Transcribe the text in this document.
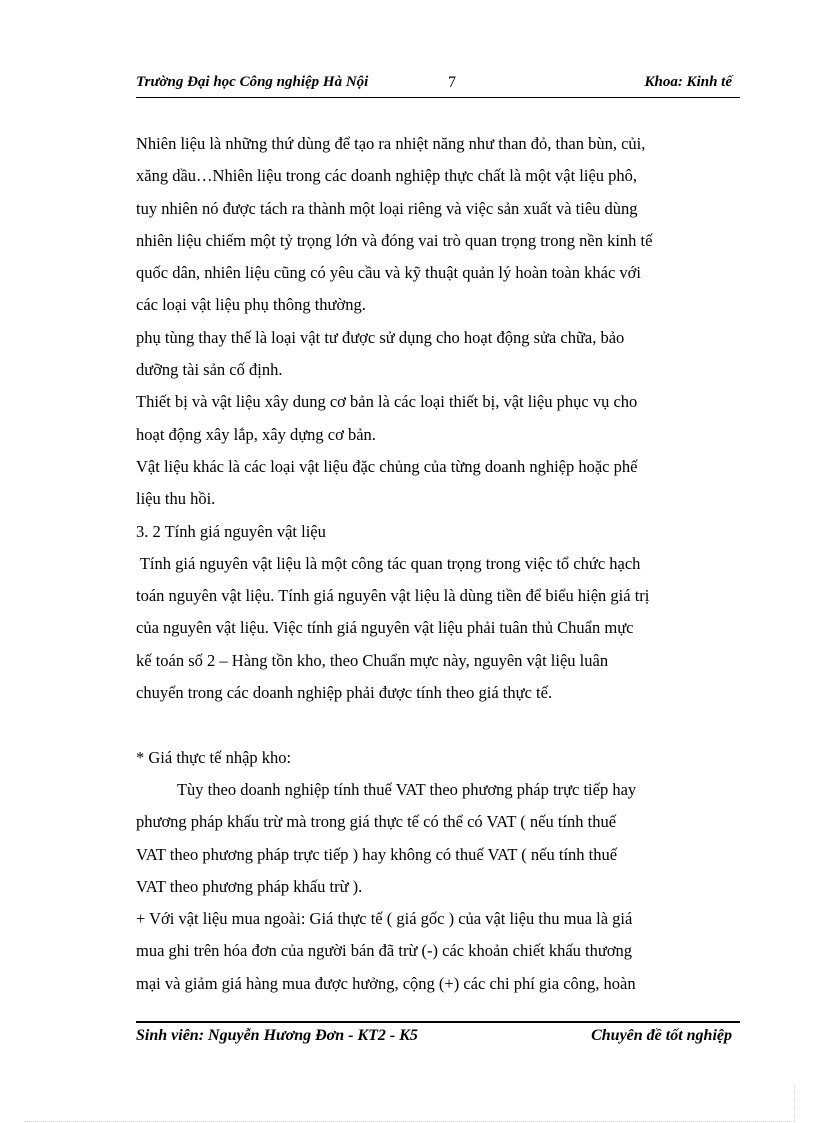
Trường Đại học Công nghiệp Hà Nội	7	Khoa: Kinh tế

Nhiên liệu là những thứ dùng để tạo ra nhiệt năng như than đỏ, than bùn, củi,

xăng dầu…Nhiên liệu trong các doanh nghiệp thực chất là một vật liệu phô,

tuy nhiên nó được tách ra thành một loại riêng và việc sản xuất và tiêu dùng

nhiên liệu chiếm một tỷ trọng lớn và đóng vai trò quan trọng trong nền kinh tế

quốc dân, nhiên liệu cũng có yêu cầu và kỹ thuật quản lý hoàn toàn khác với

các loại vật liệu phụ thông thường.

phụ tùng thay thế là loại vật tư được sử dụng cho hoạt động sửa chữa, bảo

dưỡng tài sản cố định.

Thiết bị và vật liệu xây dung cơ bản là các loại thiết bị, vật liệu phục vụ cho

hoạt động xây lắp, xây dựng cơ bản.

Vật liệu khác là các loại vật liệu đặc chủng của từng doanh nghiệp hoặc phế

liệu thu hồi.

3. 2 Tính giá nguyên vật liệu

Tính giá nguyên vật liệu là một công tác quan trọng trong việc tổ chức hạch

toán nguyên vật liệu. Tính giá nguyên vật liệu là dùng tiền để biểu hiện giá trị

của nguyên vật liệu. Việc tính giá nguyên vật liệu phải tuân thủ Chuẩn mực

kế toán số 2 – Hàng tồn kho, theo Chuẩn mực này, nguyên vật liệu luân

chuyển trong các doanh nghiệp phải được tính theo giá thực tế.

* Giá thực tế nhập kho:

Tùy theo doanh nghiệp tính thuế VAT theo phương pháp trực tiếp hay

phương pháp khấu trừ mà trong giá thực tế có thể có VAT ( nếu tính thuế

VAT theo phương pháp trực tiếp ) hay không có thuế VAT ( nếu tính thuế

VAT theo phương pháp khấu trừ ).

+ Với vật liệu mua ngoài: Giá thực tế ( giá gốc ) của vật liệu thu mua là giá

mua ghi trên hóa đơn của người bán đã trừ (-) các khoản chiết khấu thương

mại và giảm giá hàng mua được hưởng, cộng (+) các chi phí gia công, hoàn

Sinh viên: Nguyễn Hương Đơn - KT2 - K5	Chuyên đề tốt nghiệp
